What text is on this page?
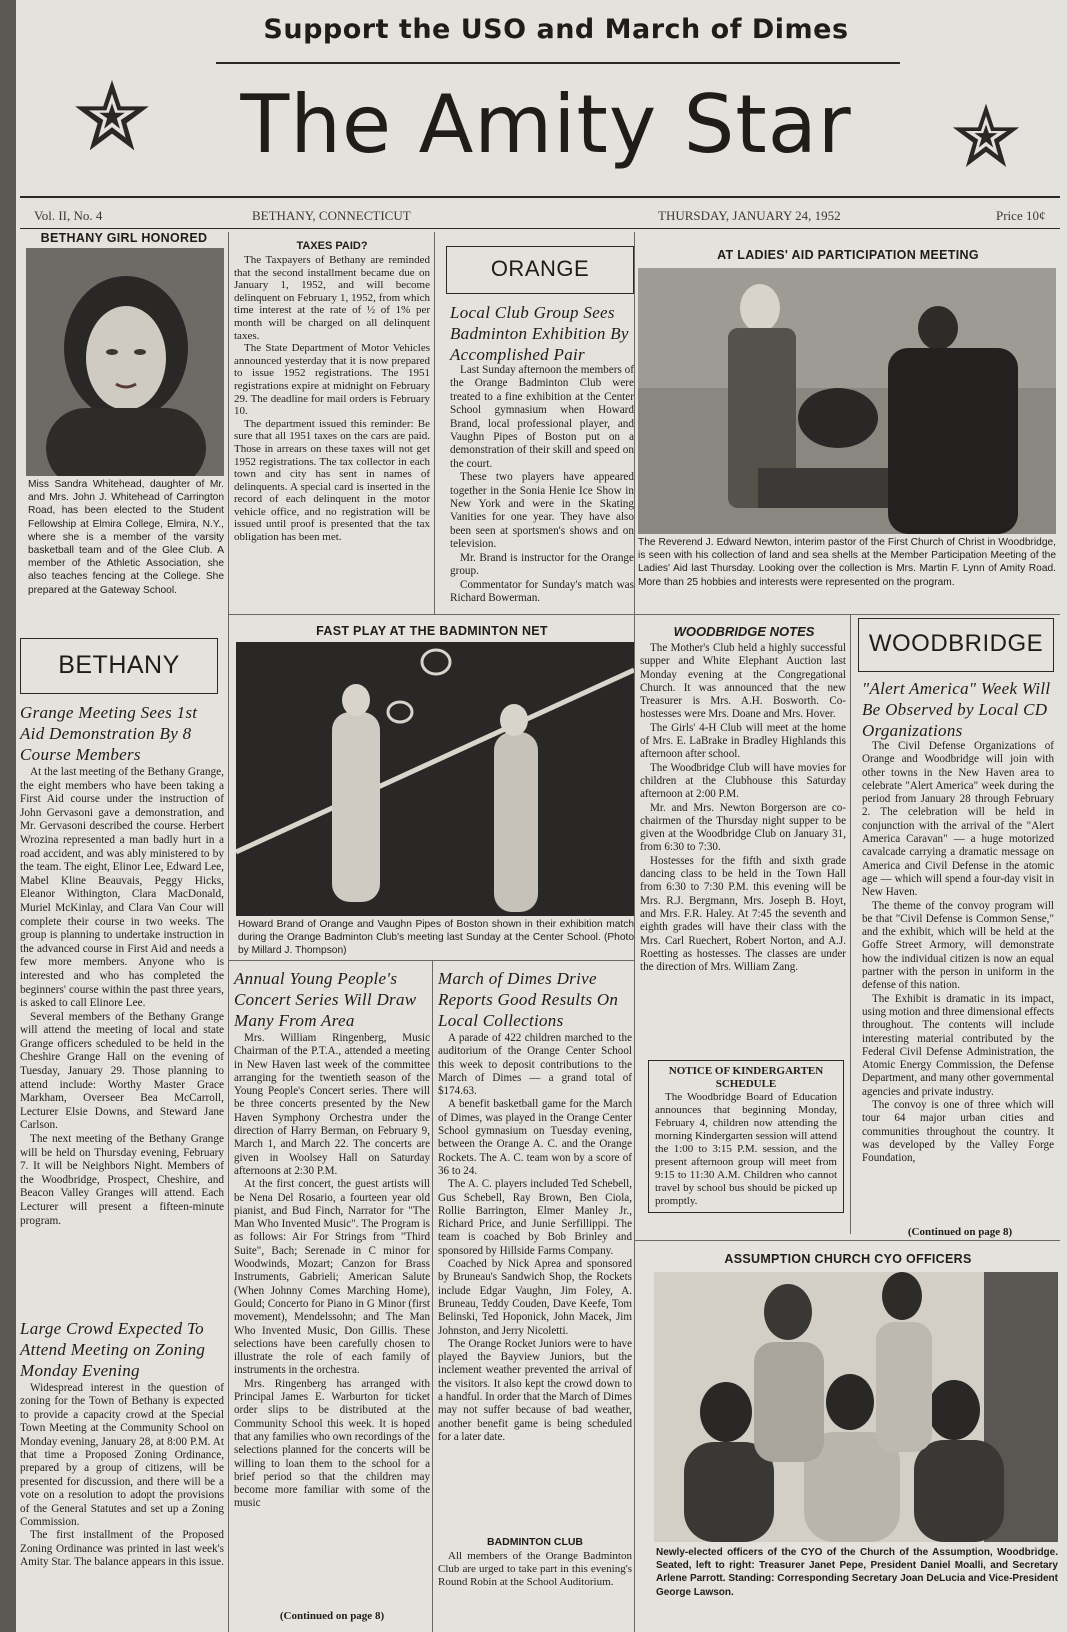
Support the USO and March of Dimes
The Amity Star
Vol. II, No. 4	BETHANY, CONNECTICUT	THURSDAY, JANUARY 24, 1952	Price 10¢
BETHANY GIRL HONORED
Miss Sandra Whitehead, daughter of Mr. and Mrs. John J. Whitehead of Carrington Road, has been elected to the Student Fellowship at Elmira College, Elmira, N.Y., where she is a member of the varsity basketball team and of the Glee Club. A member of the Athletic Association, she also teaches fencing at the College. She prepared at the Gateway School.
TAXES PAID?

The Taxpayers of Bethany are reminded that the second installment became due on January 1, 1952, and will become delinquent on February 1, 1952, from which time interest at the rate of ½ of 1% per month will be charged on all delinquent taxes.

The State Department of Motor Vehicles announced yesterday that it is now prepared to issue 1952 registrations. The 1951 registrations expire at midnight on February 29. The deadline for mail orders is February 10.

The department issued this reminder: Be sure that all 1951 taxes on the cars are paid. Those in arrears on these taxes will not get 1952 registrations. The tax collector in each town and city has sent in names of delinquents. A special card is inserted in the record of each delinquent in the motor vehicle office, and no registration will be issued until proof is presented that the tax obligation has been met.

ORANGE
Local Club Group Sees Badminton Exhibition By Accomplished Pair

Last Sunday afternoon the members of the Orange Badminton Club were treated to a fine exhibition at the Center School gymnasium when Howard Brand, local professional player, and Vaughn Pipes of Boston put on a demonstration of their skill and speed on the court.

These two players have appeared together in the Sonia Henie Ice Show in New York and were in the Skating Vanities for one year. They have also been seen at sportsmen's shows and on television.

Mr. Brand is instructor for the Orange group.

Commentator for Sunday's match was Richard Bowerman.

AT LADIES' AID PARTICIPATION MEETING
The Reverend J. Edward Newton, interim pastor of the First Church of Christ in Woodbridge, is seen with his collection of land and sea shells at the Member Participation Meeting of the Ladies' Aid last Thursday. Looking over the collection is Mrs. Martin F. Lynn of Amity Road. More than 25 hobbies and interests were represented on the program.
BETHANY
Grange Meeting Sees 1st Aid Demonstration By 8 Course Members

At the last meeting of the Bethany Grange, the eight members who have been taking a First Aid course under the instruction of John Gervasoni gave a demonstration, and Mr. Gervasoni described the course. Herbert Wrozina represented a man badly hurt in a road accident, and was ably ministered to by the team. The eight, Elinor Lee, Edward Lee, Mabel Kline Beauvais, Peggy Hicks, Eleanor Withington, Clara MacDonald, Muriel McKinlay, and Clara Van Cour will complete their course in two weeks. The group is planning to undertake instruction in the advanced course in First Aid and needs a few more members. Anyone who is interested and who has completed the beginners' course within the past three years, is asked to call Elinore Lee.

Several members of the Bethany Grange will attend the meeting of local and state Grange officers scheduled to be held in the Cheshire Grange Hall on the evening of Tuesday, January 29. Those planning to attend include: Worthy Master Grace Markham, Overseer Bea McCarroll, Lecturer Elsie Downs, and Steward Jane Carlson.

The next meeting of the Bethany Grange will be held on Thursday evening, February 7. It will be Neighbors Night. Members of the Woodbridge, Prospect, Cheshire, and Beacon Valley Granges will attend. Each Lecturer will present a fifteen-minute program.

Large Crowd Expected To Attend Meeting on Zoning Monday Evening

Widespread interest in the question of zoning for the Town of Bethany is expected to provide a capacity crowd at the Special Town Meeting at the Community School on Monday evening, January 28, at 8:00 P.M. At that time a Proposed Zoning Ordinance, prepared by a group of citizens, will be presented for discussion, and there will be a vote on a resolution to adopt the provisions of the General Statutes and set up a Zoning Commission.

The first installment of the Proposed Zoning Ordinance was printed in last week's Amity Star. The balance appears in this issue.

FAST PLAY AT THE BADMINTON NET
Howard Brand of Orange and Vaughn Pipes of Boston shown in their exhibition match during the Orange Badminton Club's meeting last Sunday at the Center School. (Photo by Millard J. Thompson)
Annual Young People's Concert Series Will Draw Many From Area

Mrs. William Ringenberg, Music Chairman of the P.T.A., attended a meeting in New Haven last week of the committee arranging for the twentieth season of the Young People's Concert series. There will be three concerts presented by the New Haven Symphony Orchestra under the direction of Harry Berman, on February 9, March 1, and March 22. The concerts are given in Woolsey Hall on Saturday afternoons at 2:30 P.M.

At the first concert, the guest artists will be Nena Del Rosario, a fourteen year old pianist, and Bud Finch, Narrator for "The Man Who Invented Music". The Program is as follows: Air For Strings from "Third Suite", Bach; Serenade in C minor for Woodwinds, Mozart; Canzon for Brass Instruments, Gabrieli; American Salute (When Johnny Comes Marching Home), Gould; Concerto for Piano in G Minor (first movement), Mendelssohn; and The Man Who Invented Music, Don Gillis. These selections have been carefully chosen to illustrate the role of each family of instruments in the orchestra.

Mrs. Ringenberg has arranged with Principal James E. Warburton for ticket order slips to be distributed at the Community School this week. It is hoped that any families who own recordings of the selections planned for the concerts will be willing to loan them to the school for a brief period so that the children may become more familiar with some of the music

(Continued on page 8)
March of Dimes Drive Reports Good Results On Local Collections

A parade of 422 children marched to the auditorium of the Orange Center School this week to deposit contributions to the March of Dimes — a grand total of $174.63.

A benefit basketball game for the March of Dimes, was played in the Orange Center School gymnasium on Tuesday evening, between the Orange A. C. and the Orange Rockets. The A. C. team won by a score of 36 to 24.

The A. C. players included Ted Schebell, Gus Schebell, Ray Brown, Ben Ciola, Rollie Barrington, Elmer Manley Jr., Richard Price, and Junie Serfillippi. The team is coached by Bob Brinley and sponsored by Hillside Farms Company.

Coached by Nick Aprea and sponsored by Bruneau's Sandwich Shop, the Rockets include Edgar Vaughn, Jim Foley, A. Bruneau, Teddy Couden, Dave Keefe, Tom Belinski, Ted Hoponick, John Macek, Jim Johnston, and Jerry Nicoletti.

The Orange Rocket Juniors were to have played the Bayview Juniors, but the inclement weather prevented the arrival of the visitors. It also kept the crowd down to a handful. In order that the March of Dimes may not suffer because of bad weather, another benefit game is being scheduled for a later date.

BADMINTON CLUB

All members of the Orange Badminton Club are urged to take part in this evening's Round Robin at the School Auditorium.

WOODBRIDGE NOTES

The Mother's Club held a highly successful supper and White Elephant Auction last Monday evening at the Congregational Church. It was announced that the new Treasurer is Mrs. A.H. Bosworth. Co-hostesses were Mrs. Doane and Mrs. Hover.

The Girls' 4-H Club will meet at the home of Mrs. E. LaBrake in Bradley Highlands this afternoon after school.

The Woodbridge Club will have movies for children at the Clubhouse this Saturday afternoon at 2:00 P.M.

Mr. and Mrs. Newton Borgerson are co-chairmen of the Thursday night supper to be given at the Woodbridge Club on January 31, from 6:30 to 7:30.

Hostesses for the fifth and sixth grade dancing class to be held in the Town Hall from 6:30 to 7:30 P.M. this evening will be Mrs. R.J. Bergmann, Mrs. Joseph B. Hoyt, and Mrs. F.R. Haley. At 7:45 the seventh and eighth grades will have their class with the Mrs. Carl Ruechert, Robert Norton, and A.J. Roetting as hostesses. The classes are under the direction of Mrs. William Zang.

NOTICE OF KINDERGARTEN SCHEDULE
The Woodbridge Board of Education announces that beginning Monday, February 4, children now attending the morning Kindergarten session will attend the 1:00 to 3:15 P.M. session, and the present afternoon group will meet from 9:15 to 11:30 A.M. Children who cannot travel by school bus should be picked up promptly.
WOODBRIDGE
"Alert America" Week Will Be Observed by Local CD Organizations

The Civil Defense Organizations of Orange and Woodbridge will join with other towns in the New Haven area to celebrate "Alert America" week during the period from January 28 through February 2. The celebration will be held in conjunction with the arrival of the "Alert America Caravan" — a huge motorized cavalcade carrying a dramatic message on America and Civil Defense in the atomic age — which will spend a four-day visit in New Haven.

The theme of the convoy program will be that "Civil Defense is Common Sense," and the exhibit, which will be held at the Goffe Street Armory, will demonstrate how the individual citizen is now an equal partner with the person in uniform in the defense of this nation.

The Exhibit is dramatic in its impact, using motion and three dimensional effects throughout. The contents will include interesting material contributed by the Federal Civil Defense Administration, the Atomic Energy Commission, the Defense Department, and many other governmental agencies and private industry.

The convoy is one of three which will tour 64 major urban cities and communities throughout the country. It was developed by the Valley Forge Foundation,

(Continued on page 8)
ASSUMPTION CHURCH CYO OFFICERS
Newly-elected officers of the CYO of the Church of the Assumption, Woodbridge. Seated, left to right: Treasurer Janet Pepe, President Daniel Moalli, and Secretary Arlene Parrott. Standing: Corresponding Secretary Joan DeLucia and Vice-President George Lawson.
